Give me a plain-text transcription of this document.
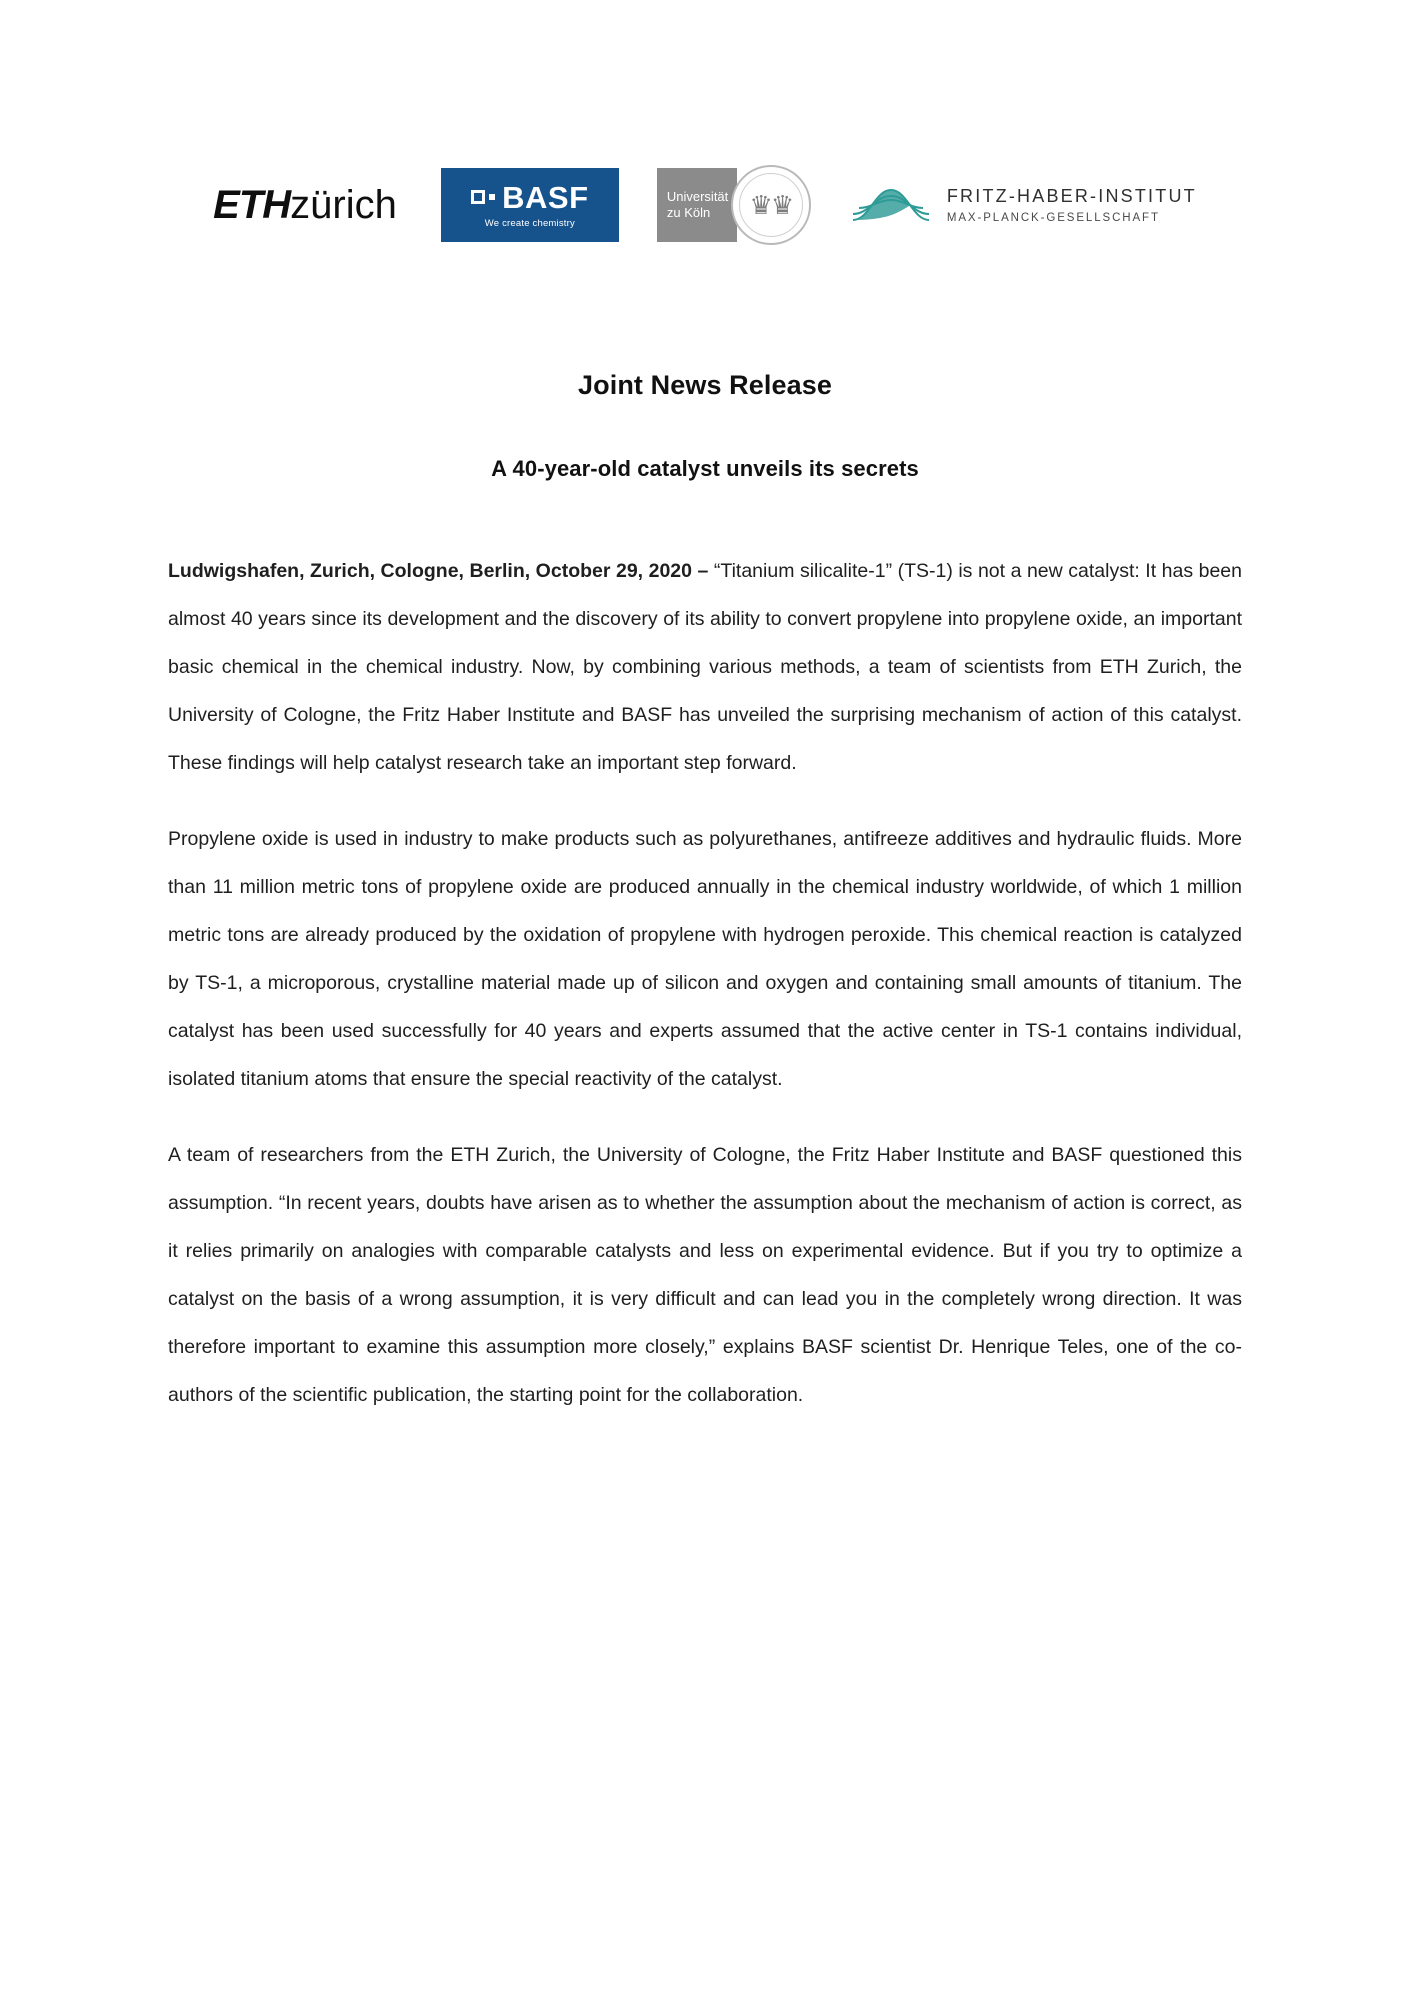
ETH zürich	BASF
We create chemistry
Universität
zu Köln	♛♛	FRITZ-HABER-INSTITUT
MAX-PLANCK-GESELLSCHAFT
Joint News Release
A 40-year-old catalyst unveils its secrets

Ludwigshafen, Zurich, Cologne, Berlin, October 29, 2020 – “Titanium silicalite-1” (TS-1) is not a new catalyst: It has been almost 40 years since its development and the discovery of its ability to convert propylene into propylene oxide, an important basic chemical in the chemical industry. Now, by combining various methods, a team of scientists from ETH Zurich, the University of Cologne, the Fritz Haber Institute and BASF has unveiled the surprising mechanism of action of this catalyst. These findings will help catalyst research take an important step forward.

Propylene oxide is used in industry to make products such as polyurethanes, antifreeze additives and hydraulic fluids. More than 11 million metric tons of propylene oxide are produced annually in the chemical industry worldwide, of which 1 million metric tons are already produced by the oxidation of propylene with hydrogen peroxide. This chemical reaction is catalyzed by TS-1, a microporous, crystalline material made up of silicon and oxygen and containing small amounts of titanium. The catalyst has been used successfully for 40 years and experts assumed that the active center in TS-1 contains individual, isolated titanium atoms that ensure the special reactivity of the catalyst.

A team of researchers from the ETH Zurich, the University of Cologne, the Fritz Haber Institute and BASF questioned this assumption. “In recent years, doubts have arisen as to whether the assumption about the mechanism of action is correct, as it relies primarily on analogies with comparable catalysts and less on experimental evidence. But if you try to optimize a catalyst on the basis of a wrong assumption, it is very difficult and can lead you in the completely wrong direction. It was therefore important to examine this assumption more closely,” explains BASF scientist Dr. Henrique Teles, one of the co-authors of the scientific publication, the starting point for the collaboration.
